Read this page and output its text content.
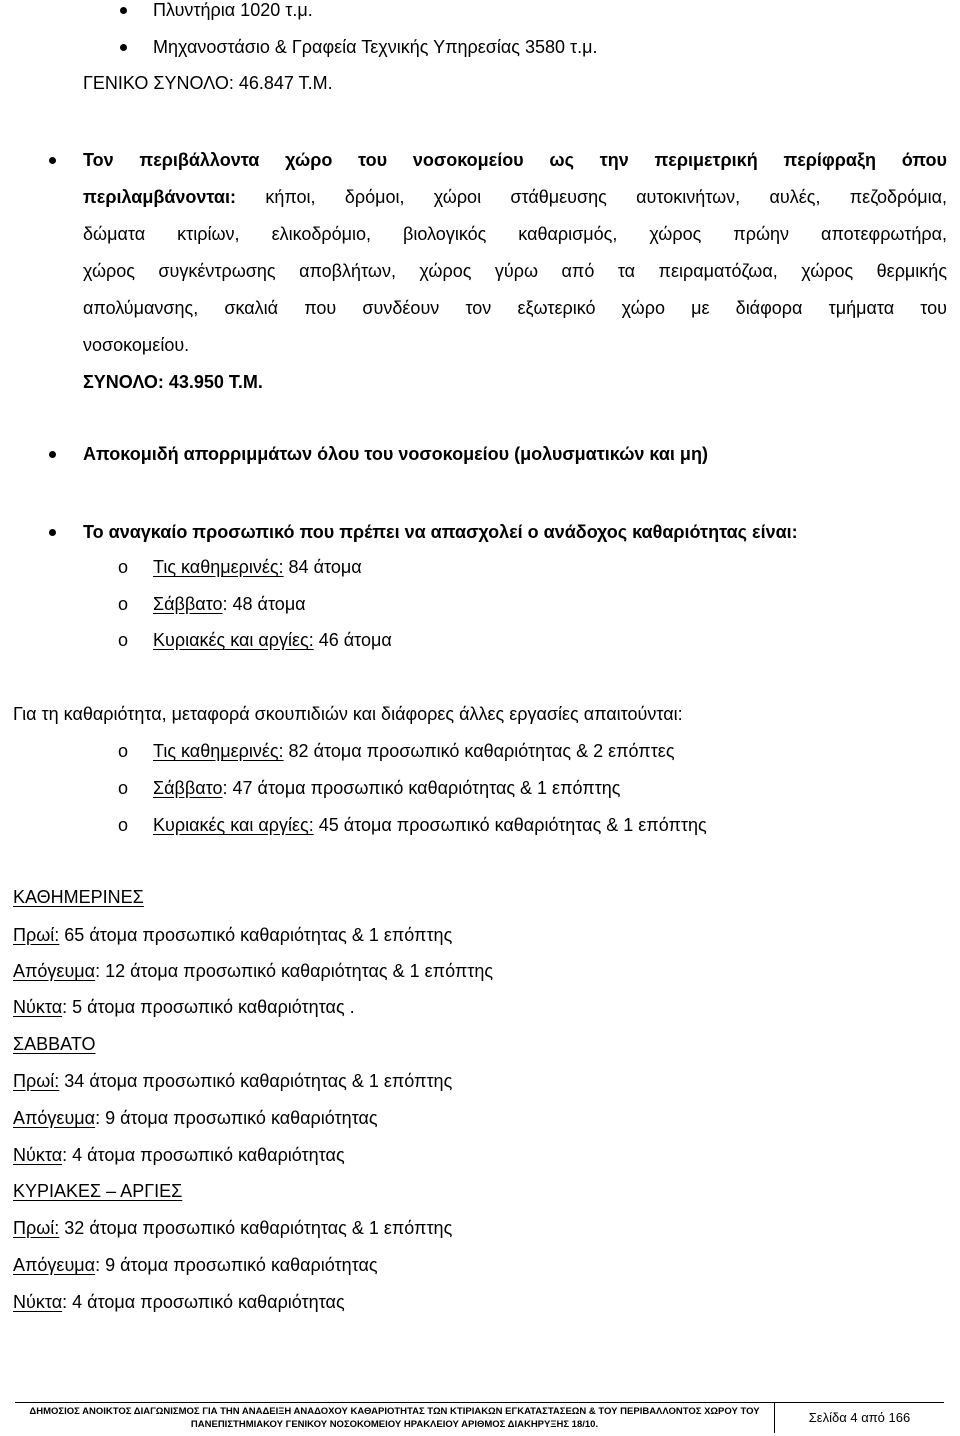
Πλυντήρια 1020 τ.μ.
Μηχανοστάσιο & Γραφεία Τεχνικής Υπηρεσίας 3580 τ.μ.
ΓΕΝΙΚΟ ΣΥΝΟΛΟ: 46.847 Τ.Μ.
Τον περιβάλλοντα χώρο του νοσοκομείου ως την περιμετρική περίφραξη όπου
περιλαμβάνονται: κήποι, δρόμοι, χώροι στάθμευσης αυτοκινήτων, αυλές, πεζοδρόμια,
δώματα κτιρίων, ελικοδρόμιο, βιολογικός καθαρισμός, χώρος πρώην αποτεφρωτήρα,
χώρος συγκέντρωσης αποβλήτων, χώρος γύρω από τα πειραματόζωα, χώρος θερμικής
απολύμανσης, σκαλιά που συνδέουν τον εξωτερικό χώρο με διάφορα τμήματα του
νοσοκομείου.
ΣΥΝΟΛΟ: 43.950 Τ.Μ.
Αποκομιδή απορριμμάτων όλου του νοσοκομείου (μολυσματικών και μη)
Το αναγκαίο προσωπικό που πρέπει να απασχολεί ο ανάδοχος καθαριότητας είναι:
o Τις καθημερινές: 84 άτομα
o Σάββατο: 48 άτομα
o Κυριακές και αργίες: 46 άτομα
Για τη καθαριότητα, μεταφορά σκουπιδιών και διάφορες άλλες εργασίες απαιτούνται:
o Τις καθημερινές: 82 άτομα προσωπικό καθαριότητας & 2 επόπτες
o Σάββατο: 47 άτομα προσωπικό καθαριότητας & 1 επόπτης
o Κυριακές και αργίες: 45 άτομα προσωπικό καθαριότητας & 1 επόπτης
ΚΑΘΗΜΕΡΙΝΕΣ
Πρωί: 65 άτομα προσωπικό καθαριότητας & 1 επόπτης
Απόγευμα: 12 άτομα προσωπικό καθαριότητας & 1 επόπτης
Νύκτα: 5 άτομα προσωπικό καθαριότητας .
ΣΑΒΒΑΤΟ
Πρωί: 34 άτομα προσωπικό καθαριότητας & 1 επόπτης
Απόγευμα: 9 άτομα προσωπικό καθαριότητας
Νύκτα: 4 άτομα προσωπικό καθαριότητας
ΚΥΡΙΑΚΕΣ – ΑΡΓΙΕΣ
Πρωί: 32 άτομα προσωπικό καθαριότητας & 1 επόπτης
Απόγευμα: 9 άτομα προσωπικό καθαριότητας
Νύκτα: 4 άτομα προσωπικό καθαριότητας
ΔΗΜΟΣΙΟΣ ΑΝΟΙΚΤΟΣ ΔΙΑΓΩΝΙΣΜΟΣ ΓΙΑ ΤΗΝ ΑΝΑΔΕΙΞΗ ΑΝΑΔΟΧΟΥ ΚΑΘΑΡΙΟΤΗΤΑΣ ΤΩΝ ΚΤΙΡΙΑΚΩΝ ΕΓΚΑΤΑΣΤΑΣΕΩΝ & ΤΟΥ ΠΕΡΙΒΑΛΛΟΝΤΟΣ ΧΩΡΟΥ ΤΟΥ
ΠΑΝΕΠΙΣΤΗΜΙΑΚΟΥ ΓΕΝΙΚΟΥ ΝΟΣΟΚΟΜΕΙΟΥ ΗΡΑΚΛΕΙΟΥ ΑΡΙΘΜΟΣ ΔΙΑΚΗΡΥΞΗΣ 18/10.	Σελίδα 4 από 166
